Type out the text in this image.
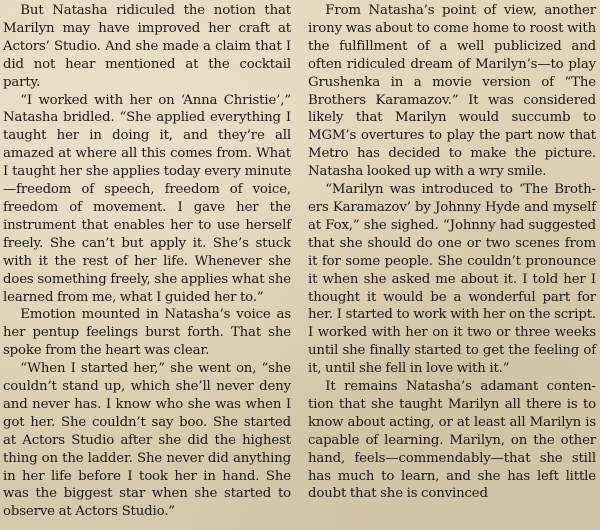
But Natasha ridiculed the notion that Marilyn may have improved her craft at Actors’ Studio. And she made a claim that I did not hear mentioned at the cocktail party.

“I worked with her on ‘Anna Christie’,” Natasha bridled. “She applied everything I taught her in doing it, and they’re all amazed at where all this comes from. What I taught her she applies today every minute—freedom of speech, freedom of voice, freedom of movement. I gave her the instrument that enables her to use herself freely. She can’t but apply it. She’s stuck with it the rest of her life. Whenever she does something freely, she applies what she learned from me, what I guided her to.”

Emotion mounted in Natasha’s voice as her pentup feelings burst forth. That she spoke from the heart was clear.

“When I started her,” she went on, “she couldn’t stand up, which she’ll never deny and never has. I know who she was when I got her. She couldn’t say boo. She started at Actors Studio after she did the highest thing on the ladder. She never did anything in her life before I took her in hand. She was the biggest star when she started to observe at Actors Studio.”

From Natasha’s point of view, another irony was about to come home to roost with the fulfillment of a well publicized and often ridiculed dream of Marilyn’s—to play Grushenka in a movie version of “The Brothers Karamazov.” It was considered likely that Marilyn would succumb to MGM’s overtures to play the part now that Metro has decided to make the picture. Natasha looked up with a wry smile.

“Marilyn was introduced to ‘The Brothers Karamazov’ by Johnny Hyde and myself at Fox,” she sighed. “Johnny had suggested that she should do one or two scenes from it for some people. She couldn’t pronounce it when she asked me about it. I told her I thought it would be a wonderful part for her. I started to work with her on the script. I worked with her on it two or three weeks until she finally started to get the feeling of it, until she fell in love with it.”

It remains Natasha’s adamant contention that she taught Marilyn all there is to know about acting, or at least all Marilyn is capable of learning. Marilyn, on the other hand, feels—commendably—that she still has much to learn, and she has left little doubt that she is convinced
